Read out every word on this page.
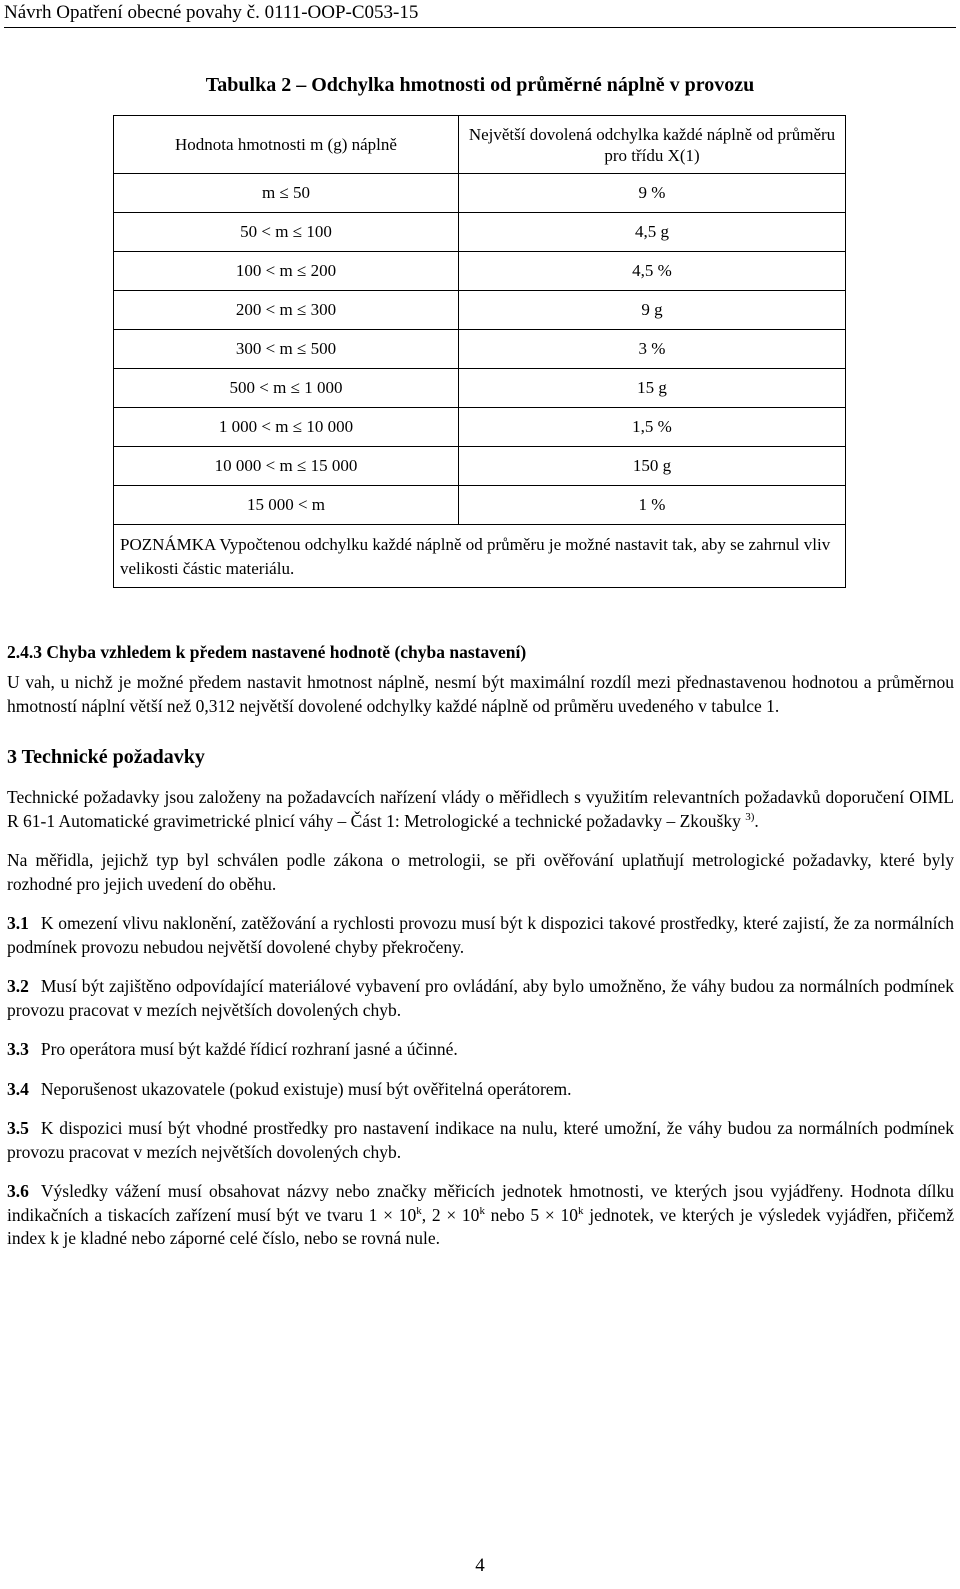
Návrh Opatření obecné povahy č. 0111-OOP-C053-15
Tabulka 2 – Odchylka hmotnosti od průměrné náplně v provozu
Hodnota hmotnosti m (g) náplně	Největší dovolená odchylka každé náplně od průměru pro třídu X(1)
m ≤ 50	9 %
50 < m ≤ 100	4,5 g
100 < m ≤ 200	4,5 %
200 < m ≤ 300	9 g
300 < m ≤ 500	3 %
500 < m ≤ 1 000	15 g
1 000 < m ≤ 10 000	1,5 %
10 000 < m ≤ 15 000	150 g
15 000 < m	1 %
POZNÁMKA Vypočtenou odchylku každé náplně od průměru je možné nastavit tak, aby se zahrnul vliv velikosti částic materiálu.	
2.4.3 Chyba vzhledem k předem nastavené hodnotě (chyba nastavení)

U vah, u nichž je možné předem nastavit hmotnost náplně, nesmí být maximální rozdíl mezi přednastavenou hodnotou a průměrnou hmotností náplní větší než 0,312 největší dovolené odchylky každé náplně od průměru uvedeného v tabulce 1.

3 Technické požadavky

Technické požadavky jsou založeny na požadavcích nařízení vlády o měřidlech s využitím relevantních požadavků doporučení OIML R 61-1 Automatické gravimetrické plnicí váhy – Část 1: Metrologické a technické požadavky – Zkoušky $^{3)}$.

Na měřidla, jejichž typ byl schválen podle zákona o metrologii, se při ověřování uplatňují metrologické požadavky, které byly rozhodné pro jejich uvedení do oběhu.

3.1 K omezení vlivu naklonění, zatěžování a rychlosti provozu musí být k dispozici takové prostředky, které zajistí, že za normálních podmínek provozu nebudou největší dovolené chyby překročeny.

3.2 Musí být zajištěno odpovídající materiálové vybavení pro ovládání, aby bylo umožněno, že váhy budou za normálních podmínek provozu pracovat v mezích největších dovolených chyb.

3.3 Pro operátora musí být každé řídicí rozhraní jasné a účinné.

3.4 Neporušenost ukazovatele (pokud existuje) musí být ověřitelná operátorem.

3.5 K dispozici musí být vhodné prostředky pro nastavení indikace na nulu, které umožní, že váhy budou za normálních podmínek provozu pracovat v mezích největších dovolených chyb.

3.6 Výsledky vážení musí obsahovat názvy nebo značky měřicích jednotek hmotnosti, ve kterých jsou vyjádřeny. Hodnota dílku indikačních a tiskacích zařízení musí být ve tvaru $1 \times 10^k$, $2 \times 10^k$ nebo $5 \times 10^k$ jednotek, ve kterých je výsledek vyjádřen, přičemž index k je kladné nebo záporné celé číslo, nebo se rovná nule.

4
